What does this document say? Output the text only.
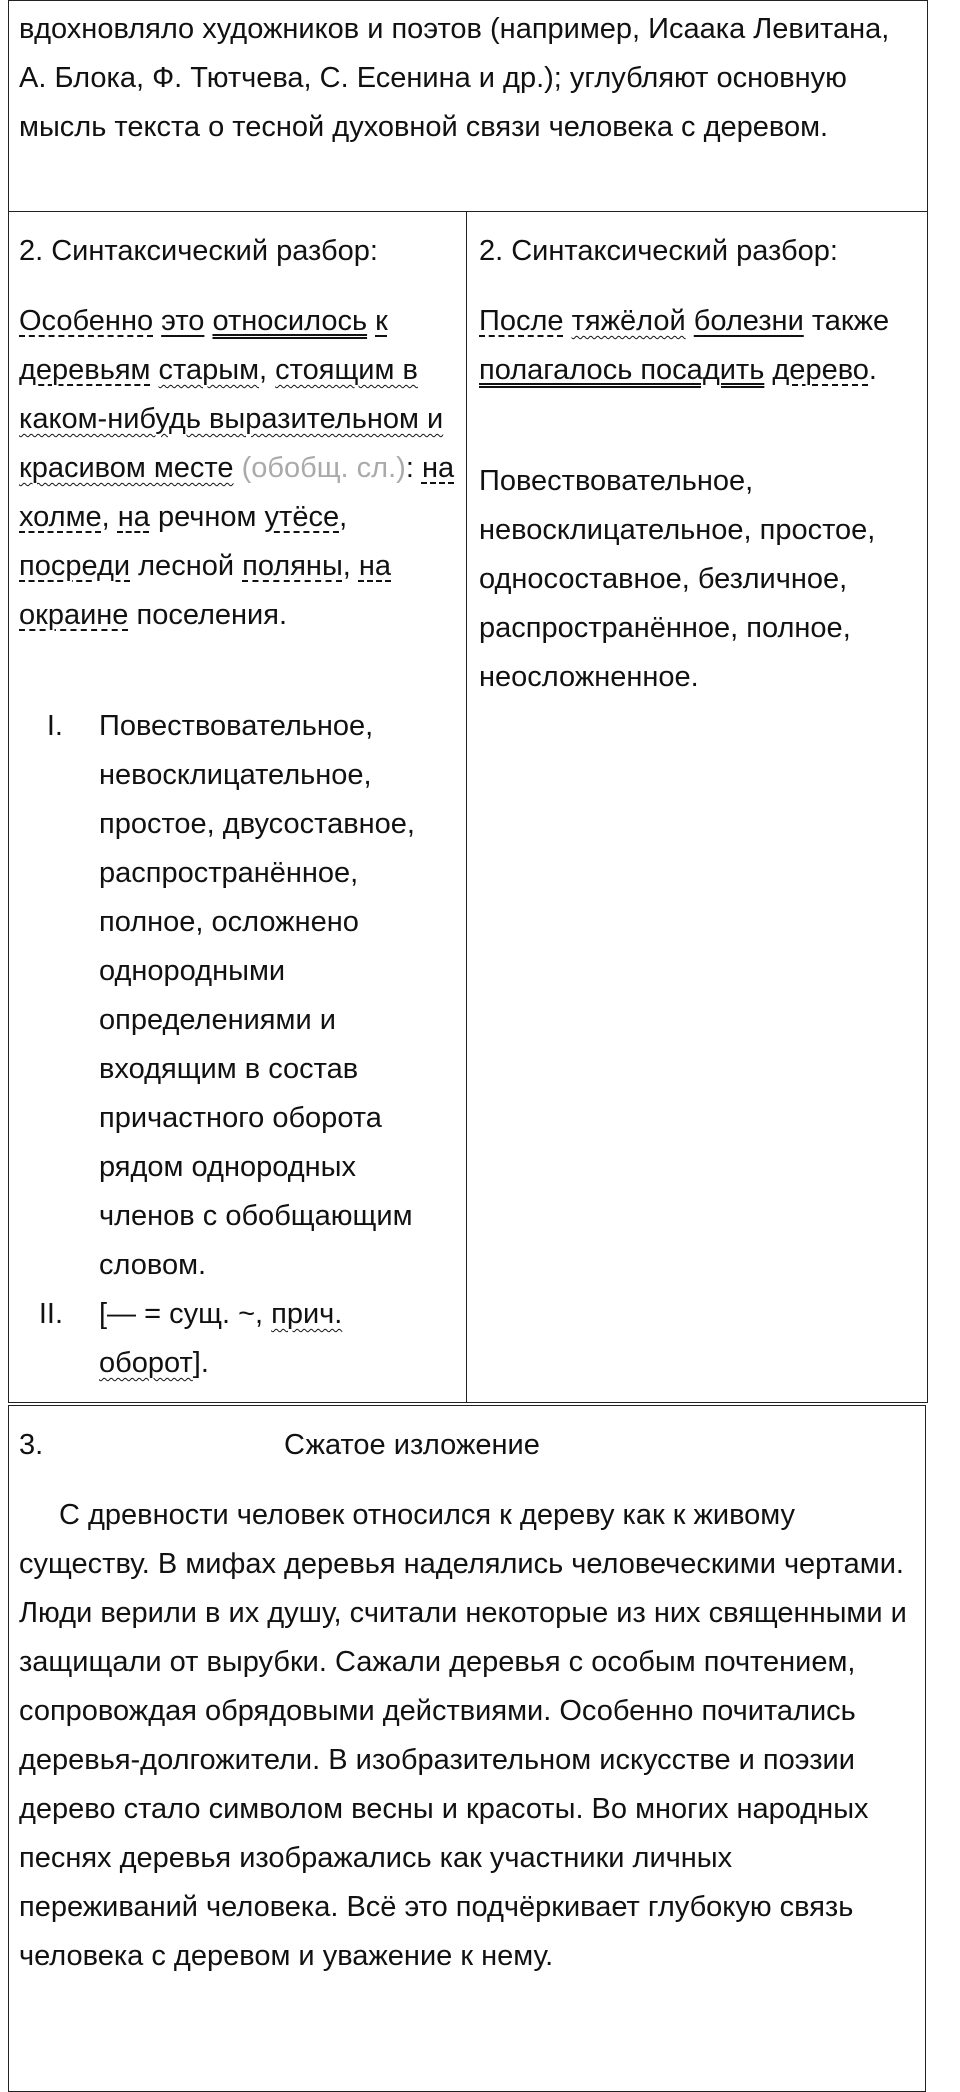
вдохновляло художников и поэтов (например, Исаака Левитана, А. Блока, Ф. Тютчева, С. Есенина и др.); углубляют основную мысль текста о тесной духовной связи человека с деревом.

2. Синтаксический разбор:

Особенно это относилось к деревьям старым, стоящим в каком-нибудь выразительном и красивом месте (обобщ. сл.): на холме, на речном утёсе, посреди лесной поляны, на окраине поселения.

I. Повествовательное, невосклицательное, простое, двусоставное, распространённое, полное, осложнено однородными определениями и входящим в состав причастного оборота рядом однородных членов с обобщающим словом.
II. [— = сущ. ~, прич. оборот].

2. Синтаксический разбор:

После тяжёлой болезни также полагалось посадить дерево.

Повествовательное, невосклицательное, простое, односоставное, безличное, распространённое, полное, неосложненное.

3.	Сжатое изложение

С древности человек относился к дереву как к живому существу. В мифах деревья наделялись человеческими чертами. Люди верили в их душу, считали некоторые из них священными и защищали от вырубки. Сажали деревья с особым почтением, сопровождая обрядовыми действиями. Особенно почитались деревья-долгожители. В изобразительном искусстве и поэзии дерево стало символом весны и красоты. Во многих народных песнях деревья изображались как участники личных переживаний человека. Всё это подчёркивает глубокую связь человека с деревом и уважение к нему.
